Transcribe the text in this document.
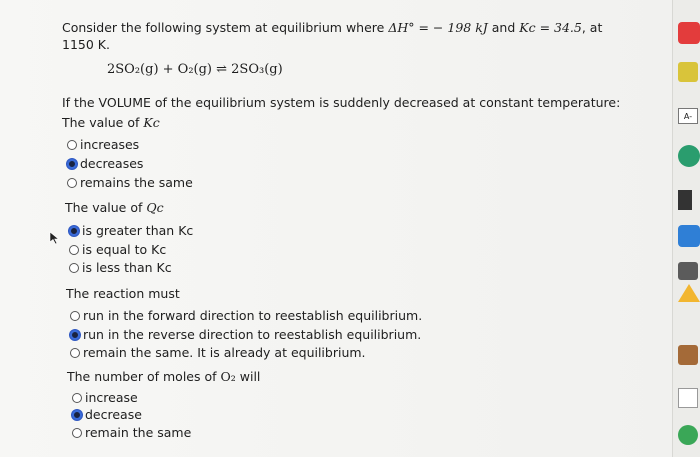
Consider the following system at equilibrium where ΔH° = − 198 kJ and Kc = 34.5, at
1150 K.
2SO₂(g) + O₂(g) ⇌ 2SO₃(g)
If the VOLUME of the equilibrium system is suddenly decreased at constant temperature:
The value of Kc
increases
decreases
remains the same
The value of Qc
is greater than Kc
is equal to Kc
is less than Kc
The reaction must
run in the forward direction to reestablish equilibrium.
run in the reverse direction to reestablish equilibrium.
remain the same. It is already at equilibrium.
The number of moles of O₂ will
increase
decrease
remain the same
A-
